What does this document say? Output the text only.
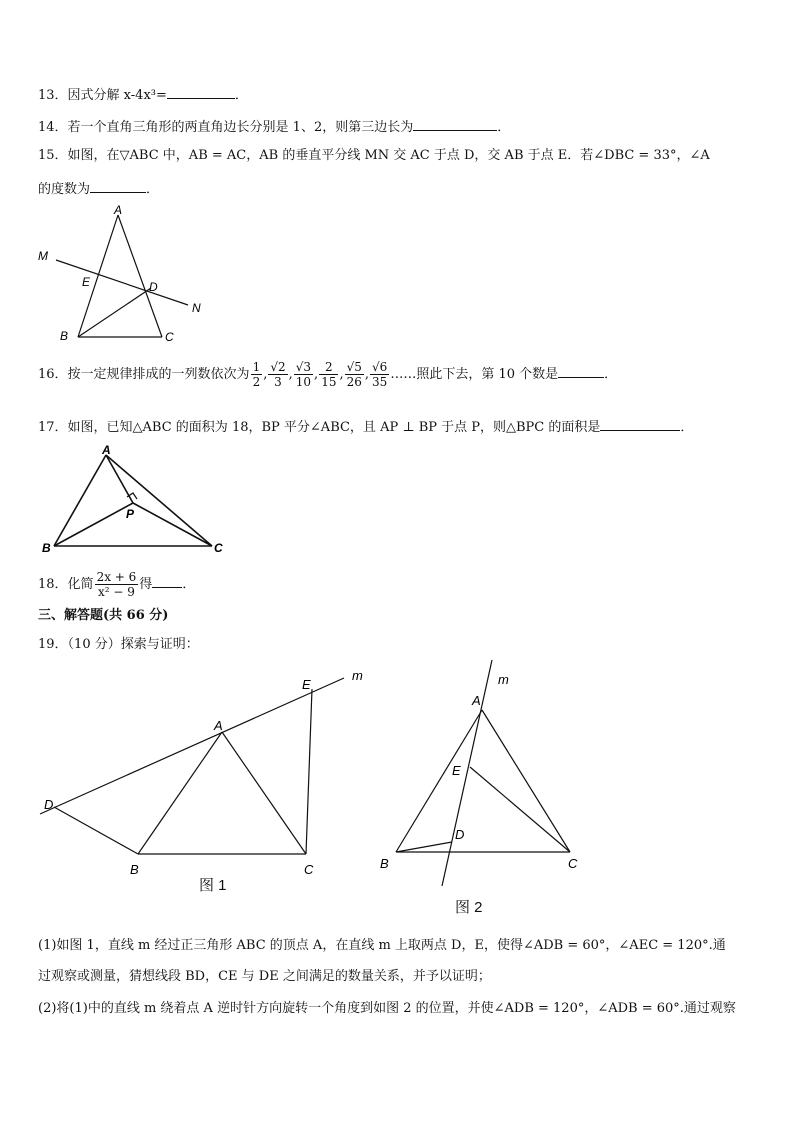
13．因式分解 x-4x³=	．
14．若一个直角三角形的两直角边长分别是 1、2，则第三边长为	．
15．如图，在▽ABC 中，AB = AC，AB 的垂直平分线 MN 交 AC 于点 D，交 AB 于点 E．若∠DBC = 33°，∠A
的度数为	．
A
M
E	D
N
B	C
16．按一定规律排成的一列数依次为 $\frac{1}{2}$ , $\frac{√2}{3}$ , $\frac{√3}{10}$ , $\frac{2}{15}$ , $\frac{√5}{26}$ , $\frac{√6}{35}$ ……照此下去，第 10 个数是	．
17．如图，已知△ABC 的面积为 18，BP 平分∠ABC，且 AP ⊥ BP 于点 P，则△BPC 的面积是	．
A
P
B	C
18．化简 $\frac{2x + 6}{\text{x² − 9}}$ 得 ．
三、解答题(共 66 分)
19．（10 分）探索与证明：
D
B
A
C
E
m
图 1
A
m
E
D
B	C
图 2
(1)如图 1，直线 m 经过正三角形 ABC 的顶点 A，在直线 m 上取两点 D，E，使得∠ADB = 60°，∠AEC = 120°.通
过观察或测量，猜想线段 BD，CE 与 DE 之间满足的数量关系，并予以证明；
(2)将(1)中的直线 m 绕着点 A 逆时针方向旋转一个角度到如图 2 的位置，并使∠ADB = 120°，∠ADB = 60°.通过观察
